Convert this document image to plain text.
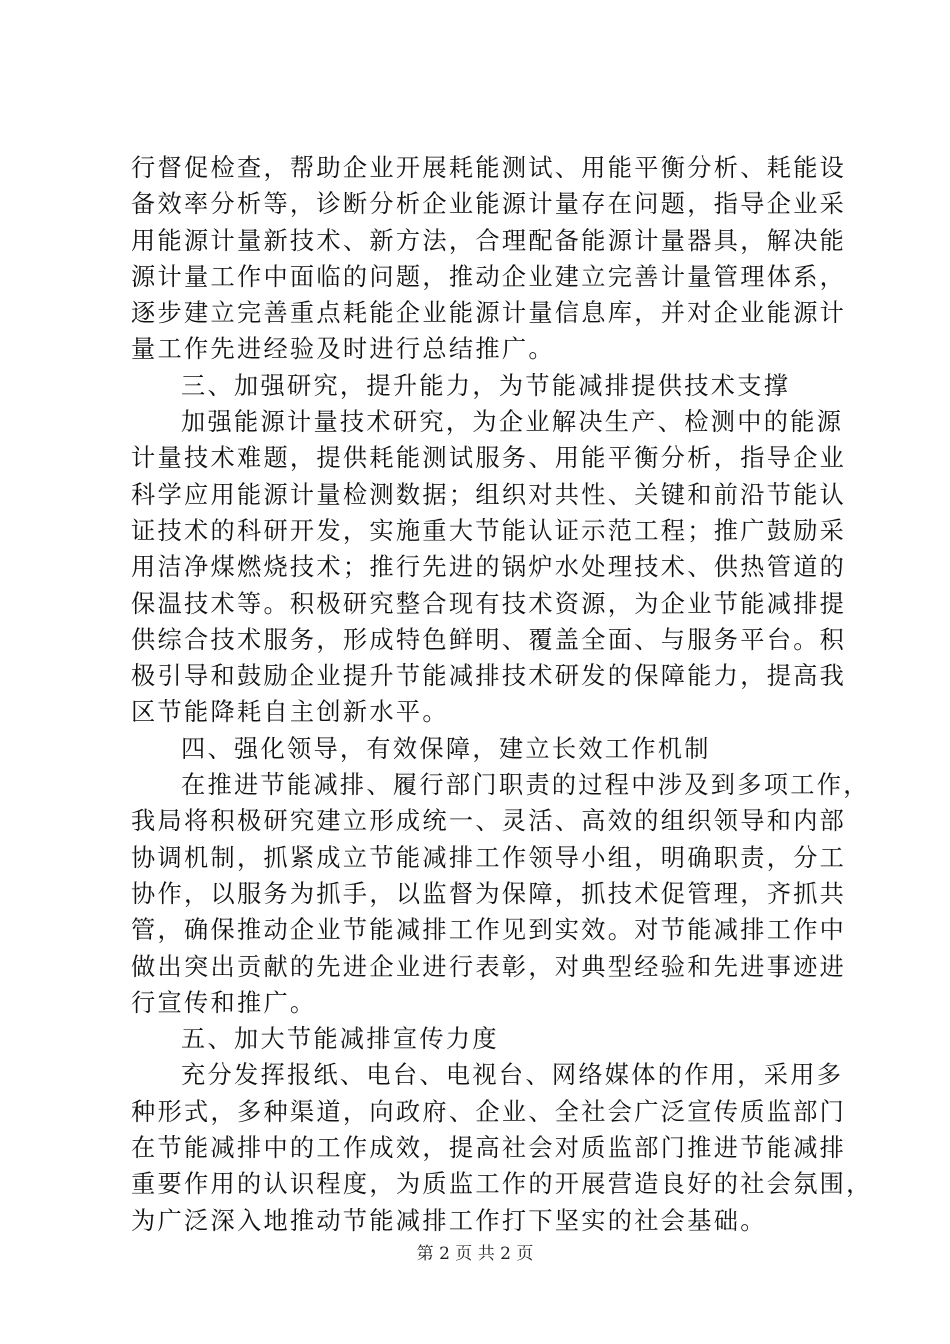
行督促检查，帮助企业开展耗能测试、用能平衡分析、耗能设
备效率分析等，诊断分析企业能源计量存在问题，指导企业采
用能源计量新技术、新方法，合理配备能源计量器具，解决能
源计量工作中面临的问题，推动企业建立完善计量管理体系，
逐步建立完善重点耗能企业能源计量信息库，并对企业能源计
量工作先进经验及时进行总结推广。
三、加强研究，提升能力，为节能减排提供技术支撑
加强能源计量技术研究，为企业解决生产、检测中的能源
计量技术难题，提供耗能测试服务、用能平衡分析，指导企业
科学应用能源计量检测数据；组织对共性、关键和前沿节能认
证技术的科研开发，实施重大节能认证示范工程；推广鼓励采
用洁净煤燃烧技术；推行先进的锅炉水处理技术、供热管道的
保温技术等。积极研究整合现有技术资源，为企业节能减排提
供综合技术服务，形成特色鲜明、覆盖全面、与服务平台。积
极引导和鼓励企业提升节能减排技术研发的保障能力，提高我
区节能降耗自主创新水平。
四、强化领导，有效保障，建立长效工作机制
在推进节能减排、履行部门职责的过程中涉及到多项工作，
我局将积极研究建立形成统一、灵活、高效的组织领导和内部
协调机制，抓紧成立节能减排工作领导小组，明确职责，分工
协作，以服务为抓手，以监督为保障，抓技术促管理，齐抓共
管，确保推动企业节能减排工作见到实效。对节能减排工作中
做出突出贡献的先进企业进行表彰，对典型经验和先进事迹进
行宣传和推广。
五、加大节能减排宣传力度
充分发挥报纸、电台、电视台、网络媒体的作用，采用多
种形式，多种渠道，向政府、企业、全社会广泛宣传质监部门
在节能减排中的工作成效，提高社会对质监部门推进节能减排
重要作用的认识程度，为质监工作的开展营造良好的社会氛围，
为广泛深入地推动节能减排工作打下坚实的社会基础。
第 2 页 共 2 页
